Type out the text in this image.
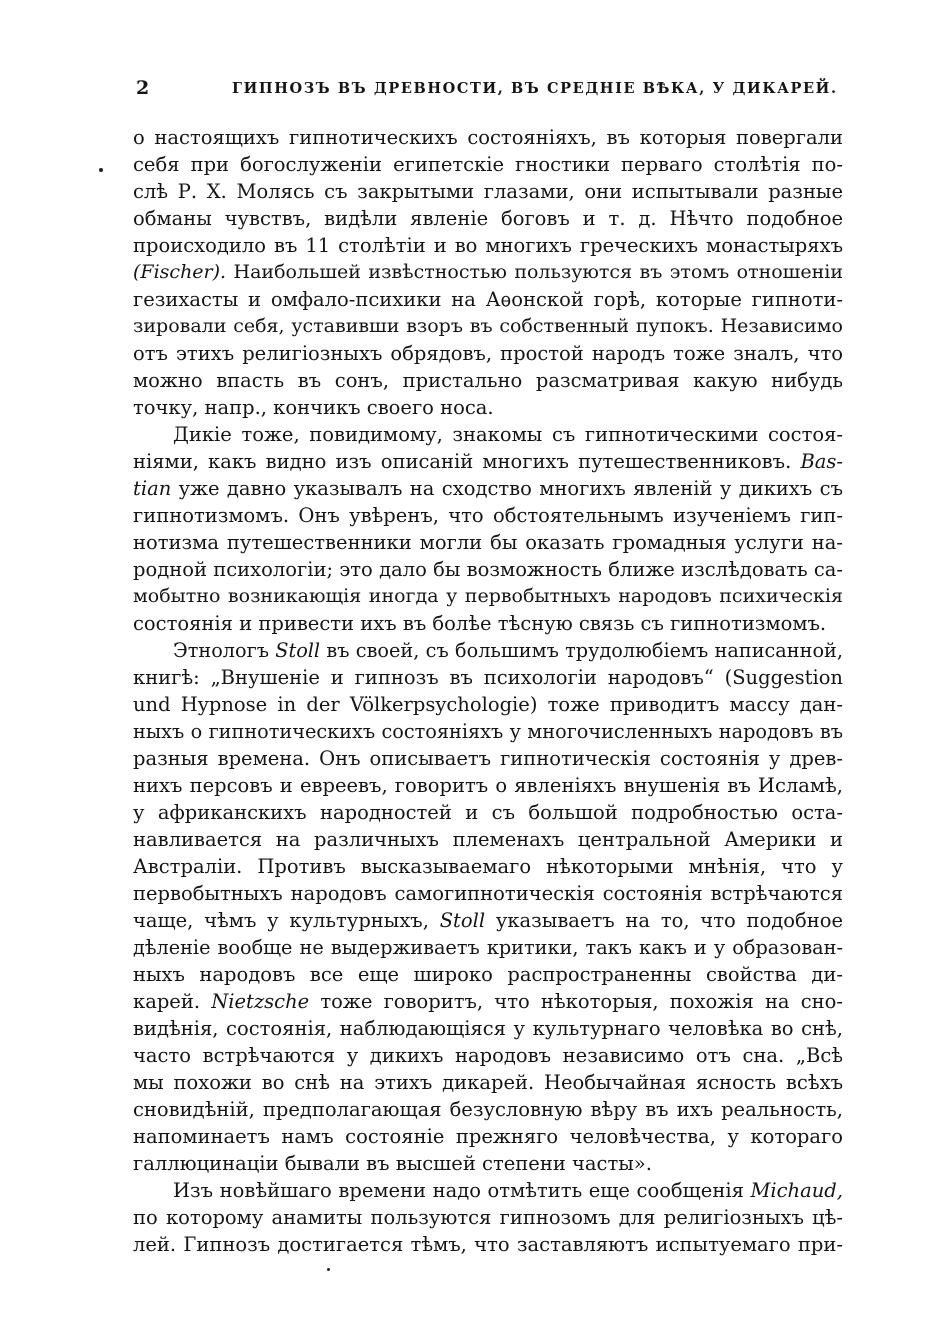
2	ГИПНОЗЪ ВЪ ДРЕВНОСТИ, ВЪ СРЕДНІЕ ВѢКА, У ДИКАРЕЙ.
о настоящихъ гипнотическихъ состояніяхъ, въ которыя повергали
себя при богослуженіи египетскіе гностики перваго столѣтія по-
слѣ Р. Х. Молясь съ закрытыми глазами, они испытывали разные
обманы чувствъ, видѣли явленіе боговъ и т. д. Нѣчто подобное
происходило въ 11 столѣтіи и во многихъ греческихъ монастыряхъ
(Fischer). Наибольшей извѣстностью пользуются въ этомъ отношеніи
гезихасты и омфало-психики на Аѳонской горѣ, которые гипноти-
зировали себя, уставивши взоръ въ собственный пупокъ. Независимо
отъ этихъ религіозныхъ обрядовъ, простой народъ тоже зналъ, что
можно впасть въ сонъ, пристально разсматривая какую нибудь
точку, напр., кончикъ своего носа.
Дикіе тоже, повидимому, знакомы съ гипнотическими состоя-
ніями, какъ видно изъ описаній многихъ путешественниковъ. Bas-
tian уже давно указывалъ на сходство многихъ явленій у дикихъ съ
гипнотизмомъ. Онъ увѣренъ, что обстоятельнымъ изученіемъ гип-
нотизма путешественники могли бы оказать громадныя услуги на-
родной психологіи; это дало бы возможность ближе изслѣдовать са-
мобытно возникающія иногда у первобытныхъ народовъ психическія
состоянія и привести ихъ въ болѣе тѣсную связь съ гипнотизмомъ.
Этнологъ Stoll въ своей, съ большимъ трудолюбіемъ написанной,
книгѣ: „Внушеніе и гипнозъ въ психологіи народовъ“ (Suggestion
und Hypnose in der Völkerpsychologie) тоже приводитъ массу дан-
ныхъ о гипнотическихъ состояніяхъ у многочисленныхъ народовъ въ
разныя времена. Онъ описываетъ гипнотическія состоянія у древ-
нихъ персовъ и евреевъ, говоритъ о явленіяхъ внушенія въ Исламѣ,
у африканскихъ народностей и съ большой подробностью оста-
навливается на различныхъ племенахъ центральной Америки и
Австраліи. Противъ высказываемаго нѣкоторыми мнѣнія, что у
первобытныхъ народовъ самогипнотическія состоянія встрѣчаются
чаще, чѣмъ у культурныхъ, Stoll указываетъ на то, что подобное
дѣленіе вообще не выдерживаетъ критики, такъ какъ и у образован-
ныхъ народовъ все еще широко распространенны свойства ди-
карей. Nietzsche тоже говоритъ, что нѣкоторыя, похожія на сно-
видѣнія, состоянія, наблюдающіяся у культурнаго человѣка во снѣ,
часто встрѣчаются у дикихъ народовъ независимо отъ сна. „Всѣ
мы похожи во снѣ на этихъ дикарей. Необычайная ясность всѣхъ
сновидѣній, предполагающая безусловную вѣру въ ихъ реальность,
напоминаетъ намъ состояніе прежняго человѣчества, у котораго
галлюцинаціи бывали въ высшей степени часты».
Изъ новѣйшаго времени надо отмѣтить еще сообщенія Michaud,
по которому анамиты пользуются гипнозомъ для религіозныхъ цѣ-
лей. Гипнозъ достигается тѣмъ, что заставляютъ испытуемаго при-
